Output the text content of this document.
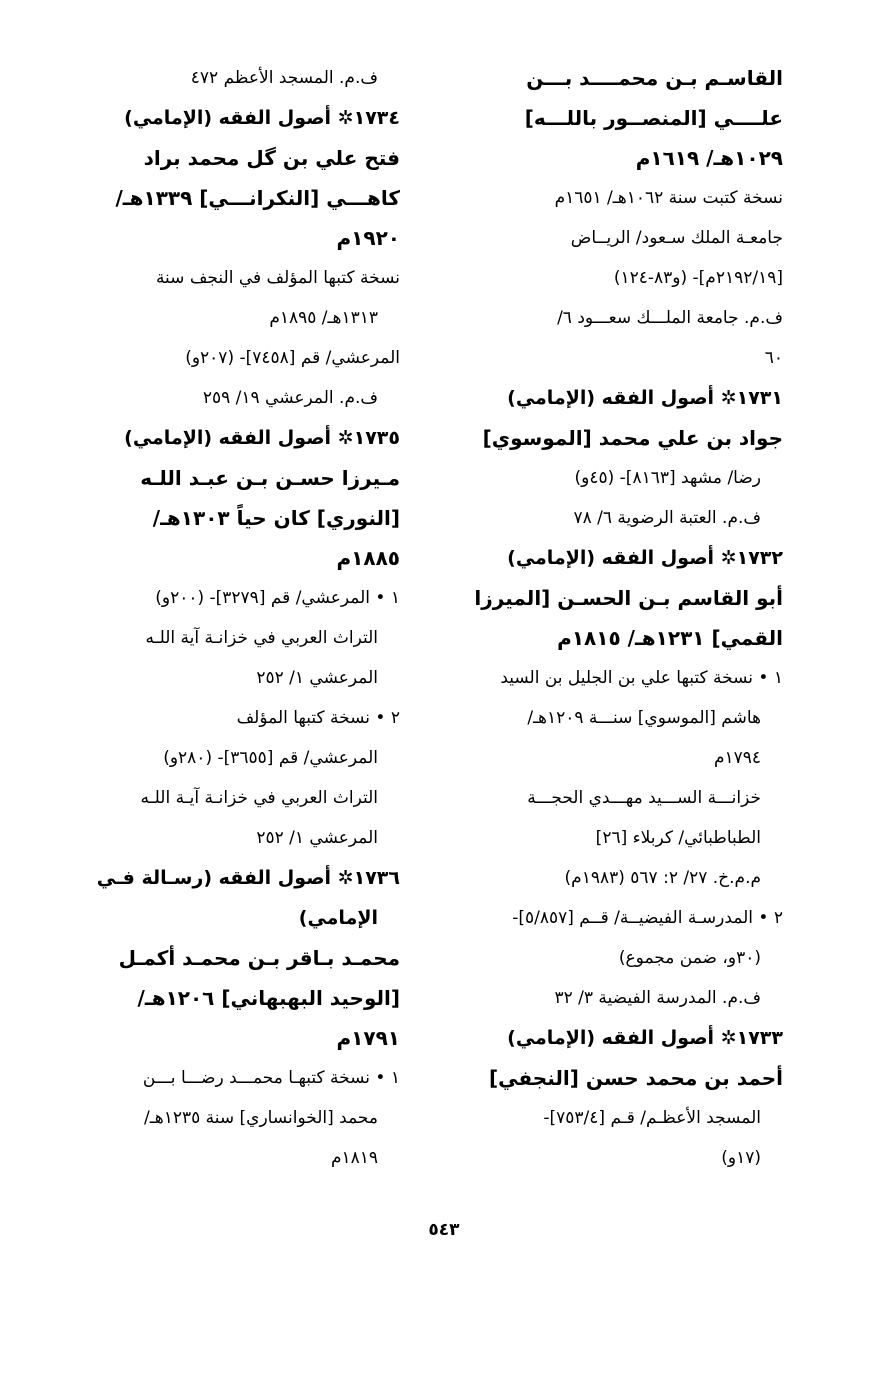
القاسـم بـن محمــــد بـــن
علــــي [المنصــور باللـــه]
١٠٢٩هـ/ ١٦١٩م
نسخة كتبت سنة ١٠٦٢هـ/ ١٦٥١م
جامعـة الملك سـعود/ الريــاض
[٢١٩٢/١٩م]- (و٨٣-١٢٤)
ف.م. جامعة الملـــك سعـــود ٦/
٦٠
١٧٣١✲ أصول الفقه (الإمامي)
جواد بن علي محمد [الموسوي]
رضا/ مشهد [٨١٦٣]- (٤٥و)
ف.م. العتبة الرضوية ٦/ ٧٨
١٧٣٢✲ أصول الفقه (الإمامي)
أبو القاسم بـن الحسـن [الميرزا
القمي] ١٢٣١هـ/ ١٨١٥م
١ • نسخة كتبها علي بن الجليل بن السيد
هاشم [الموسوي] سنـــة ١٢٠٩هـ/
١٧٩٤م
خزانـــة الســـيد مهـــدي الحجـــة
الطباطبائي/ كربلاء [٢٦]
م.م.خ. ٢٧/ ٢: ٥٦٧ (١٩٨٣م)
٢ • المدرسـة الفيضيــة/ قــم [٥/٨٥٧]-
(٣٠و، ضمن مجموع)
ف.م. المدرسة الفيضية ٣/ ٣٢
١٧٣٣✲ أصول الفقه (الإمامي)
أحمد بن محمد حسن [النجفي]
المسجد الأعظـم/ قـم [٧٥٣/٤]-
(١٧و)
ف.م. المسجد الأعظم ٤٧٢
١٧٣٤✲ أصول الفقه (الإمامي)
فتح علي بن گل محمد براد
كاهـــي [النكرانـــي] ١٣٣٩هـ/
١٩٢٠م
نسخة كتبها المؤلف في النجف سنة
١٣١٣هـ/ ١٨٩٥م
المرعشي/ قم [٧٤٥٨]- (٢٠٧و)
ف.م. المرعشي ١٩/ ٢٥٩
١٧٣٥✲ أصول الفقه (الإمامي)
مـيرزا حسـن بـن عبـد اللـه
[النوري] كان حياً ١٣٠٣هـ/
١٨٨٥م
١ • المرعشي/ قم [٣٢٧٩]- (٢٠٠و)
التراث العربي في خزانـة آية اللـه
المرعشي ١/ ٢٥٢
٢ • نسخة كتبها المؤلف
المرعشي/ قم [٣٦٥٥]- (٢٨٠و)
التراث العربي في خزانـة آيـة اللـه
المرعشي ١/ ٢٥٢
١٧٣٦✲ أصول الفقه (رسـالة فـي
الإمامي)
محمـد بـاقر بـن محمـد أكمـل
[الوحيد البهبهاني] ١٢٠٦هـ/
١٧٩١م
١ • نسخة كتبهـا محمـــد رضـــا بـــن
محمد [الخوانساري] سنة ١٢٣٥هـ/
١٨١٩م
٥٤٣
